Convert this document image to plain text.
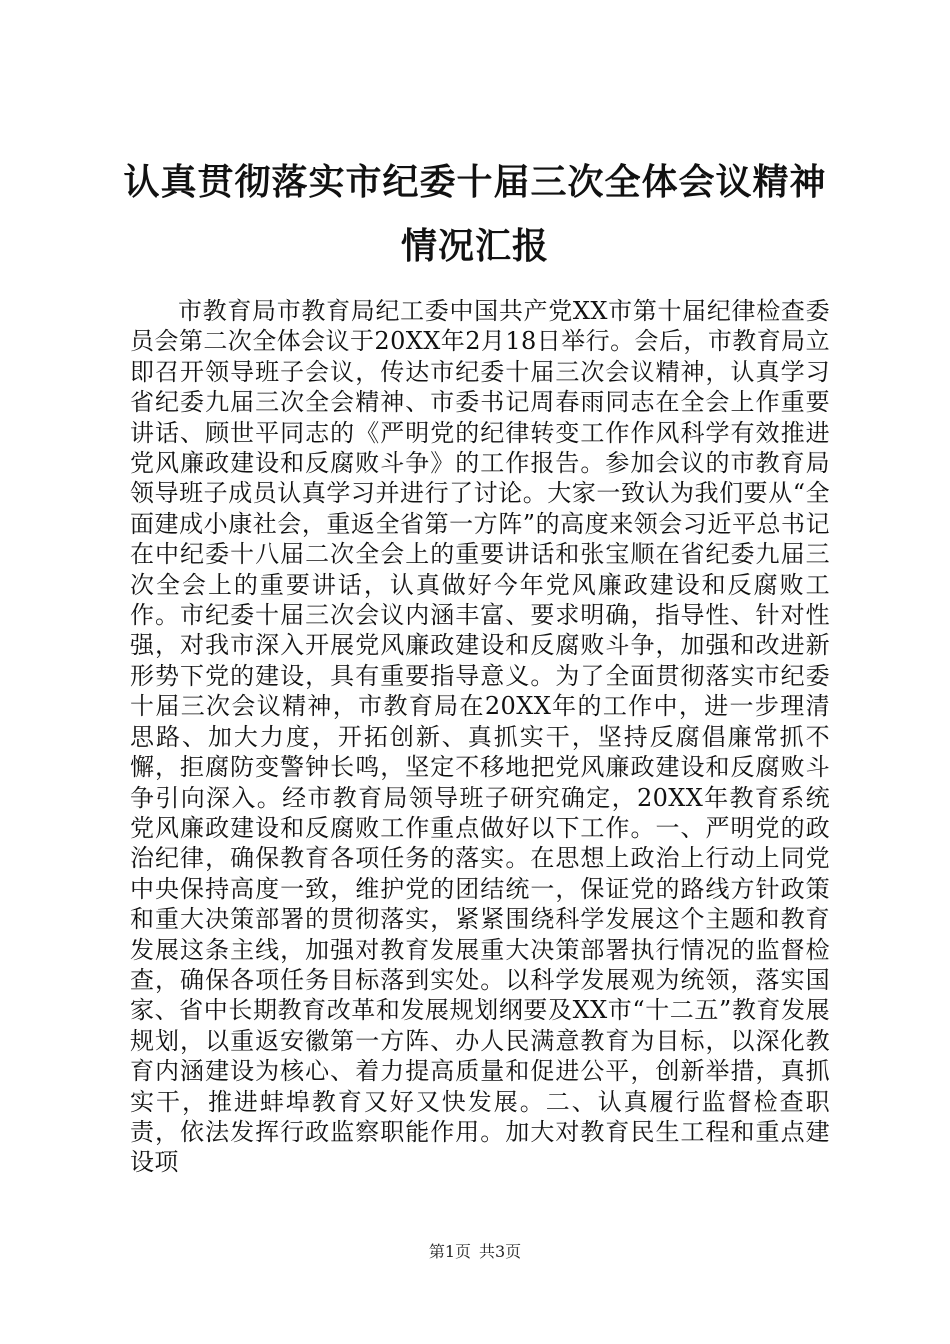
认真贯彻落实市纪委十届三次全体会议精神情况汇报

市教育局市教育局纪工委中国共产党XX市第十届纪律检查委员会第二次全体会议于20XX年2月18日举行。会后，市教育局立即召开领导班子会议，传达市纪委十届三次会议精神，认真学习省纪委九届三次全会精神、市委书记周春雨同志在全会上作重要讲话、顾世平同志的《严明党的纪律转变工作作风科学有效推进党风廉政建设和反腐败斗争》的工作报告。参加会议的市教育局领导班子成员认真学习并进行了讨论。大家一致认为我们要从“全面建成小康社会，重返全省第一方阵”的高度来领会习近平总书记在中纪委十八届二次全会上的重要讲话和张宝顺在省纪委九届三次全会上的重要讲话，认真做好今年党风廉政建设和反腐败工作。市纪委十届三次会议内涵丰富、要求明确，指导性、针对性强，对我市深入开展党风廉政建设和反腐败斗争，加强和改进新形势下党的建设，具有重要指导意义。为了全面贯彻落实市纪委十届三次会议精神，市教育局在20XX年的工作中，进一步理清思路、加大力度，开拓创新、真抓实干，坚持反腐倡廉常抓不懈，拒腐防变警钟长鸣，坚定不移地把党风廉政建设和反腐败斗争引向深入。经市教育局领导班子研究确定，20XX年教育系统党风廉政建设和反腐败工作重点做好以下工作。一、严明党的政治纪律，确保教育各项任务的落实。在思想上政治上行动上同党中央保持高度一致，维护党的团结统一，保证党的路线方针政策和重大决策部署的贯彻落实，紧紧围绕科学发展这个主题和教育发展这条主线，加强对教育发展重大决策部署执行情况的监督检查，确保各项任务目标落到实处。以科学发展观为统领，落实国家、省中长期教育改革和发展规划纲要及XX市“十二五”教育发展规划，以重返安徽第一方阵、办人民满意教育为目标，以深化教育内涵建设为核心、着力提高质量和促进公平，创新举措，真抓实干，推进蚌埠教育又好又快发展。二、认真履行监督检查职责，依法发挥行政监察职能作用。加大对教育民生工程和重点建设项

第1页 共3页
